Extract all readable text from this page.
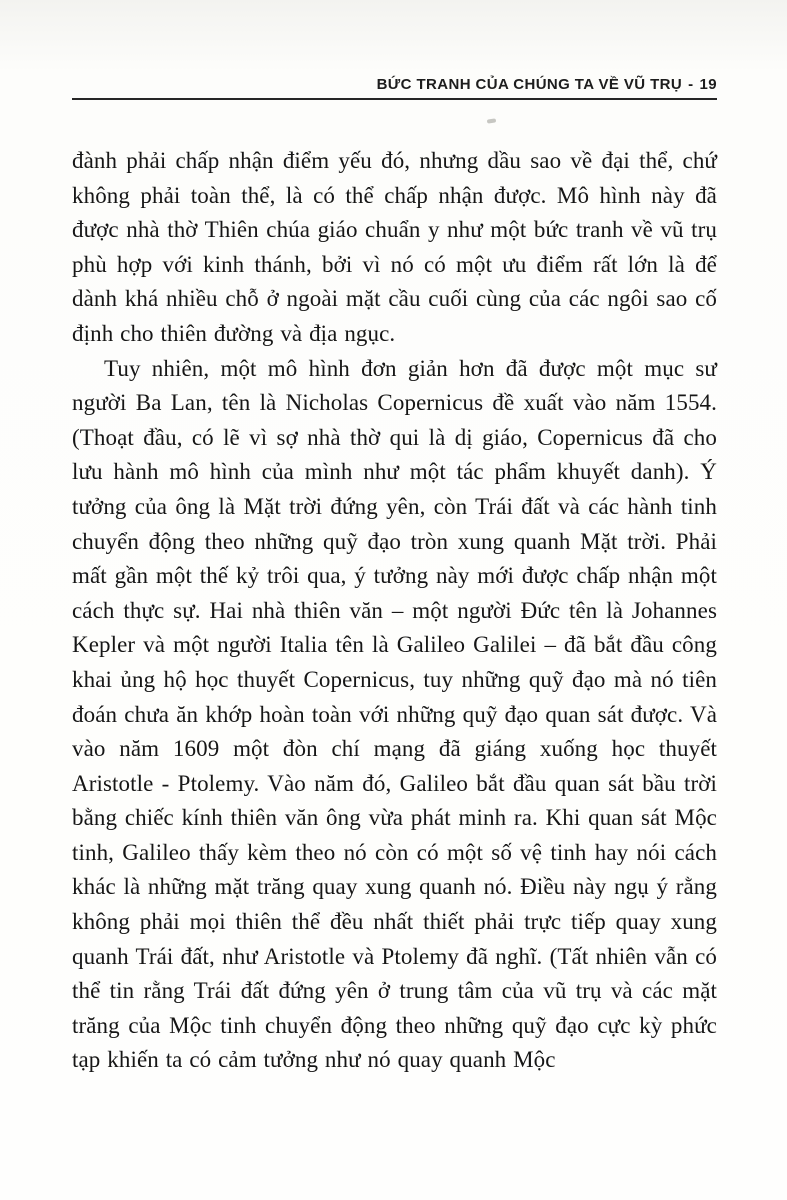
BỨC TRANH CỦA CHÚNG TA VỀ VŨ TRỤ - 19

đành phải chấp nhận điểm yếu đó, nhưng dầu sao về đại thể, chứ không phải toàn thể, là có thể chấp nhận được. Mô hình này đã được nhà thờ Thiên chúa giáo chuẩn y như một bức tranh về vũ trụ phù hợp với kinh thánh, bởi vì nó có một ưu điểm rất lớn là để dành khá nhiều chỗ ở ngoài mặt cầu cuối cùng của các ngôi sao cố định cho thiên đường và địa ngục.

Tuy nhiên, một mô hình đơn giản hơn đã được một mục sư người Ba Lan, tên là Nicholas Copernicus đề xuất vào năm 1554. (Thoạt đầu, có lẽ vì sợ nhà thờ qui là dị giáo, Copernicus đã cho lưu hành mô hình của mình như một tác phẩm khuyết danh). Ý tưởng của ông là Mặt trời đứng yên, còn Trái đất và các hành tinh chuyển động theo những quỹ đạo tròn xung quanh Mặt trời. Phải mất gần một thế kỷ trôi qua, ý tưởng này mới được chấp nhận một cách thực sự. Hai nhà thiên văn – một người Đức tên là Johannes Kepler và một người Italia tên là Galileo Galilei – đã bắt đầu công khai ủng hộ học thuyết Copernicus, tuy những quỹ đạo mà nó tiên đoán chưa ăn khớp hoàn toàn với những quỹ đạo quan sát được. Và vào năm 1609 một đòn chí mạng đã giáng xuống học thuyết Aristotle - Ptolemy. Vào năm đó, Galileo bắt đầu quan sát bầu trời bằng chiếc kính thiên văn ông vừa phát minh ra. Khi quan sát Mộc tinh, Galileo thấy kèm theo nó còn có một số vệ tinh hay nói cách khác là những mặt trăng quay xung quanh nó. Điều này ngụ ý rằng không phải mọi thiên thể đều nhất thiết phải trực tiếp quay xung quanh Trái đất, như Aristotle và Ptolemy đã nghĩ. (Tất nhiên vẫn có thể tin rằng Trái đất đứng yên ở trung tâm của vũ trụ và các mặt trăng của Mộc tinh chuyển động theo những quỹ đạo cực kỳ phức tạp khiến ta có cảm tưởng như nó quay quanh Mộc
